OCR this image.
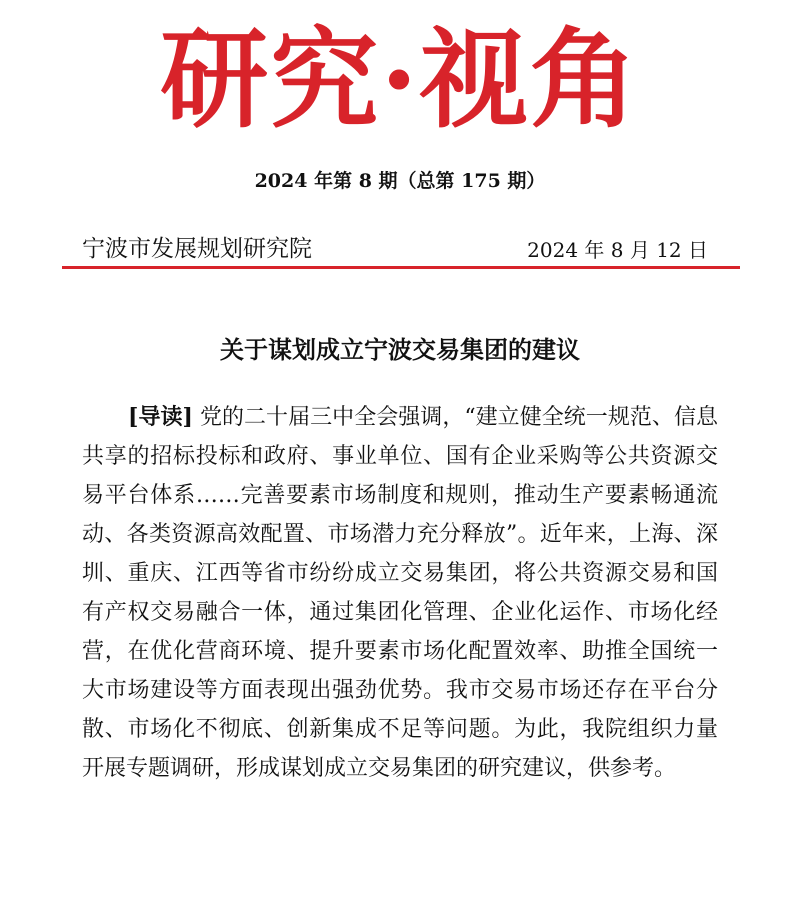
研究·视角
2024 年第 8 期（总第 175 期）
宁波市发展规划研究院	2024 年 8 月 12 日
关于谋划成立宁波交易集团的建议

[导读] 党的二十届三中全会强调，“建立健全统一规范、信息共享的招标投标和政府、事业单位、国有企业采购等公共资源交易平台体系……完善要素市场制度和规则，推动生产要素畅通流动、各类资源高效配置、市场潜力充分释放”。近年来，上海、深圳、重庆、江西等省市纷纷成立交易集团，将公共资源交易和国有产权交易融合一体，通过集团化管理、企业化运作、市场化经营，在优化营商环境、提升要素市场化配置效率、助推全国统一大市场建设等方面表现出强劲优势。我市交易市场还存在平台分散、市场化不彻底、创新集成不足等问题。为此，我院组织力量开展专题调研，形成谋划成立交易集团的研究建议，供参考。
